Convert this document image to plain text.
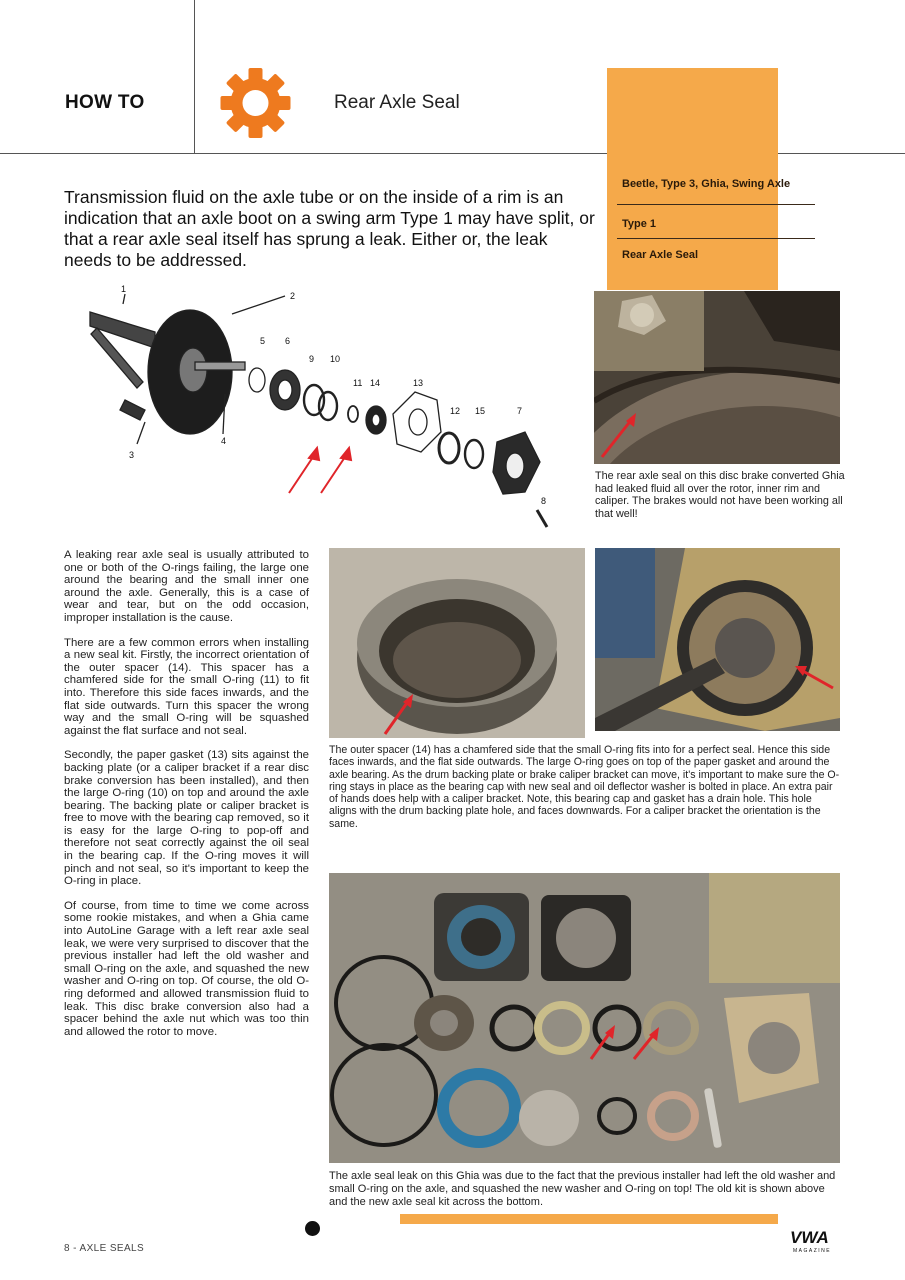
HOW TO	Rear Axle Seal
Beetle, Type 3, Ghia, Swing Axle
Type 1
Rear Axle Seal
Transmission fluid on the axle tube or on the inside of a rim is an indication that an axle boot on a swing arm Type 1 may have split, or that a rear axle seal itself has sprung a leak. Either or, the leak needs to be addressed.
1
2
3
4
5 6
9 10
11 14	13
12 15	7
8
The rear axle seal on this disc brake converted Ghia had leaked fluid all over the rotor, inner rim and caliper. The brakes would not have been working all that well!

A leaking rear axle seal is usually attributed to one or both of the O-rings failing, the large one around the bearing and the small inner one around the axle. Generally, this is a case of wear and tear, but on the odd occasion, improper installation is the cause.

There are a few common errors when installing a new seal kit. Firstly, the incorrect orientation of the outer spacer (14). This spacer has a chamfered side for the small O-ring (11) to fit into. Therefore this side faces inwards, and the flat side outwards. Turn this spacer the wrong way and the small O-ring will be squashed against the flat surface and not seal.

Secondly, the paper gasket (13) sits against the backing plate (or a caliper bracket if a rear disc brake conversion has been installed), and then the large O-ring (10) on top and around the axle bearing. The backing plate or caliper bracket is free to move with the bearing cap removed, so it is easy for the large O-ring to pop-off and therefore not seat correctly against the oil seal in the bearing cap. If the O-ring moves it will pinch and not seal, so it's important to keep the O-ring in place.

Of course, from time to time we come across some rookie mistakes, and when a Ghia came into AutoLine Garage with a left rear axle seal leak, we were very surprised to discover that the previous installer had left the old washer and small O-ring on the axle, and squashed the new washer and O-ring on top. Of course, the old O-ring deformed and allowed transmission fluid to leak. This disc brake conversion also had a spacer behind the axle nut which was too thin and allowed the rotor to move.

The outer spacer (14) has a chamfered side that the small O-ring fits into for a perfect seal. Hence this side faces inwards, and the flat side outwards. The large O-ring goes on top of the paper gasket and around the axle bearing. As the drum backing plate or brake caliper bracket can move, it's important to make sure the O-ring stays in place as the bearing cap with new seal and oil deflector washer is bolted in place. An extra pair of hands does help with a caliper bracket. Note, this bearing cap and gasket has a drain hole. This hole aligns with the drum backing plate hole, and faces downwards. For a caliper bracket the orientation is the same.
The axle seal leak on this Ghia was due to the fact that the previous installer had left the old washer and small O-ring on the axle, and squashed the new washer and O-ring on top! The old kit is shown above and the new axle seal kit across the bottom.
8 - AXLE SEALS
VWA
MAGAZINE
